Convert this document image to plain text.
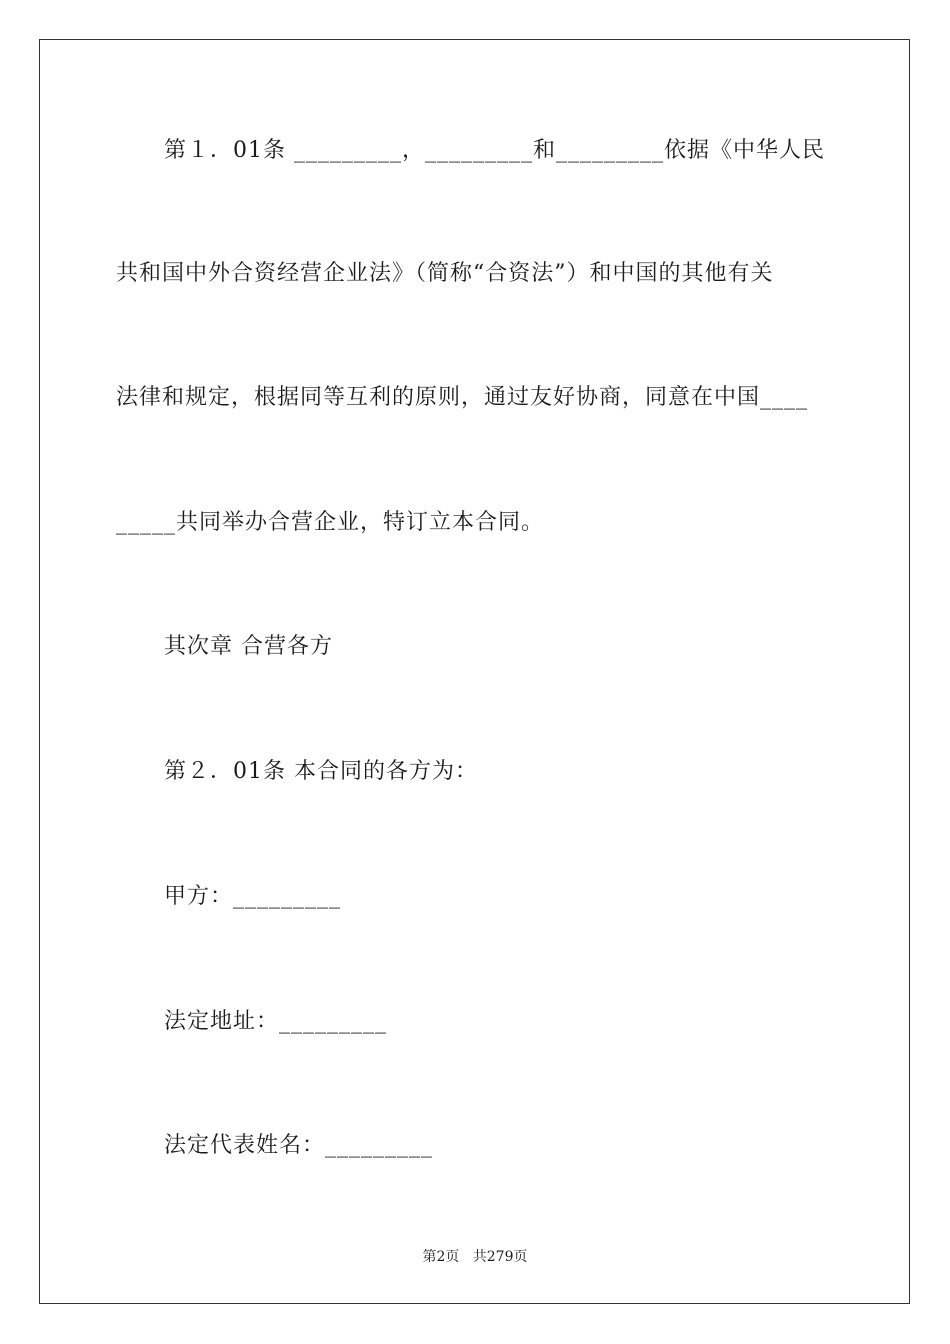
第１．01条 _________，_________和_________依据《中华人民
共和国中外合资经营企业法》（简称“合资法”）和中国的其他有关
法律和规定，根据同等互利的原则，通过友好协商，同意在中国____
_____共同举办合营企业，特订立本合同。
其次章 合营各方
第２．01条 本合同的各方为：
甲方：_________
法定地址：_________
法定代表姓名：_________
第2页   共279页
